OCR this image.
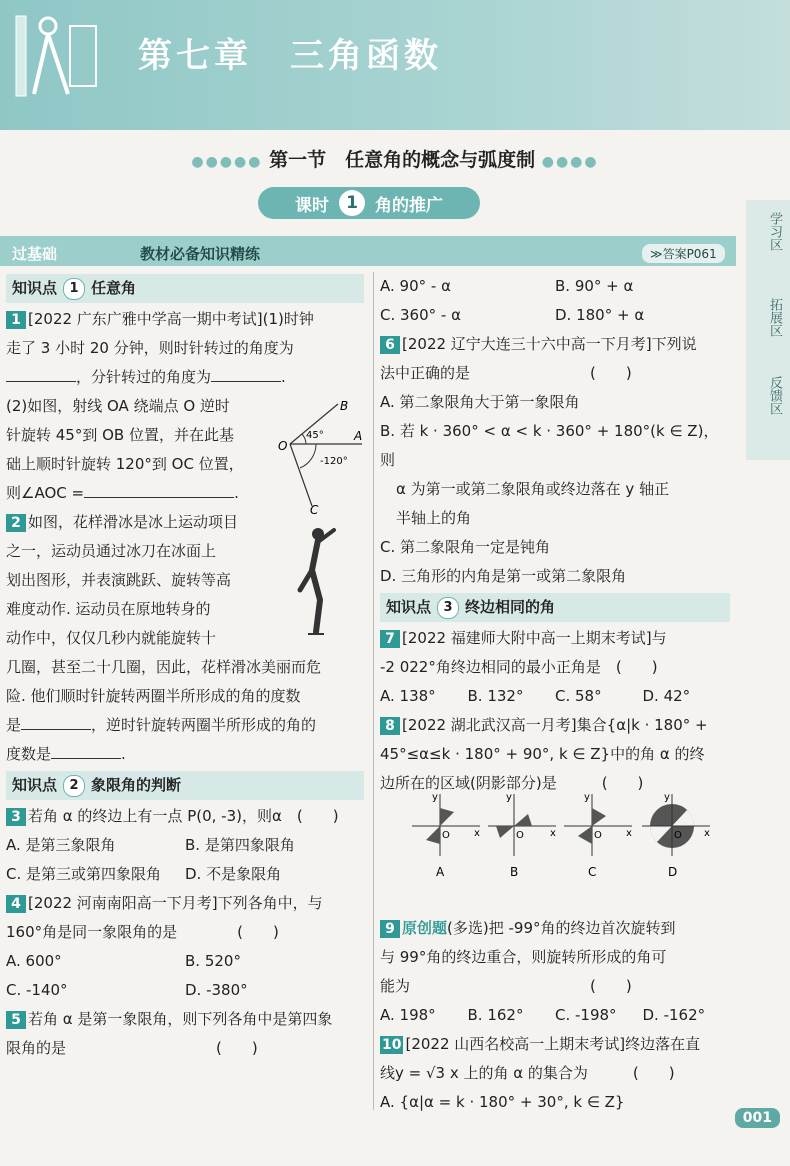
第七章　三角函数
●●●●● 第一节　任意角的概念与弧度制 ●●●●
课时	1	角的推广
学习区
拓展区
反馈区
过基础	教材必备知识精练	≫答案P061
知识点 1 任意角

1 [2022 广东广雅中学高一期中考试](1)时钟

走了 3 小时 20 分钟，则时针转过的角度为

，分针转过的角度为	.

(2)如图，射线 OA 绕端点 O 逆时

针旋转 45°到 OB 位置，并在此基

础上顺时针旋转 120°到 OC 位置，

则∠AOC =	.

2 如图，花样滑冰是冰上运动项目

之一，运动员通过冰刀在冰面上

划出图形，并表演跳跃、旋转等高

难度动作. 运动员在原地转身的

动作中，仅仅几秒内就能旋转十

几圈，甚至二十几圈，因此，花样滑冰美丽而危

险. 他们顺时针旋转两圈半所形成的角的度数

是	，逆时针旋转两圈半所形成的角的

度数是	.

知识点 2 象限角的判断

3 若角 α 的终边上有一点 P(0, -3)，则α　(　　)

A. 是第三象限角	B. 是第四象限角
C. 是第三或第四象限角	D. 不是象限角

4 [2022 河南南阳高一下月考]下列各角中，与

160°角是同一象限角的是　　　　(　　)

A. 600°	B. 520°
C. -140°	D. -380°

5 若角 α 是第一象限角，则下列各角中是第四象

限角的是　　　　　　　　　　(　　)

B
O
A
C
45°
-120°
A. 90° - α	B. 90° + α
C. 360° - α	D. 180° + α

6 [2022 辽宁大连三十六中高一下月考]下列说

法中正确的是　　　　　　　　(　　)

A. 第二象限角大于第一象限角

B. 若 k · 360° < α < k · 360° + 180°(k ∈ Z)，则

α 为第一或第二象限角或终边落在 y 轴正

半轴上的角

C. 第二象限角一定是钝角

D. 三角形的内角是第一或第二象限角

知识点 3 终边相同的角

7 [2022 福建师大附中高一上期末考试]与

-2 022°角终边相同的最小正角是　(　　)

A. 138°	B. 132°	C. 58°	D. 42°

8 [2022 湖北武汉高一月考]集合{α|k · 180° +

45°≤α≤k · 180° + 90°, k ∈ Z}中的角 α 的终

边所在的区域(阴影部分)是　　　(　　)

9 原创题(多选)把 -99°角的终边首次旋转到

与 99°角的终边重合，则旋转所形成的角可

能为　　　　　　　　　　　　(　　)

A. 198°	B. 162°	C. -198°	D. -162°

10 [2022 山西名校高一上期末考试]终边落在直

线y = √3 x 上的角 α 的集合为　　　(　　)

A. {α|α = k · 180° + 30°, k ∈ Z}

y
x
O
A
y
x
O
B
y
x
O
C
y
x
O
D
001
